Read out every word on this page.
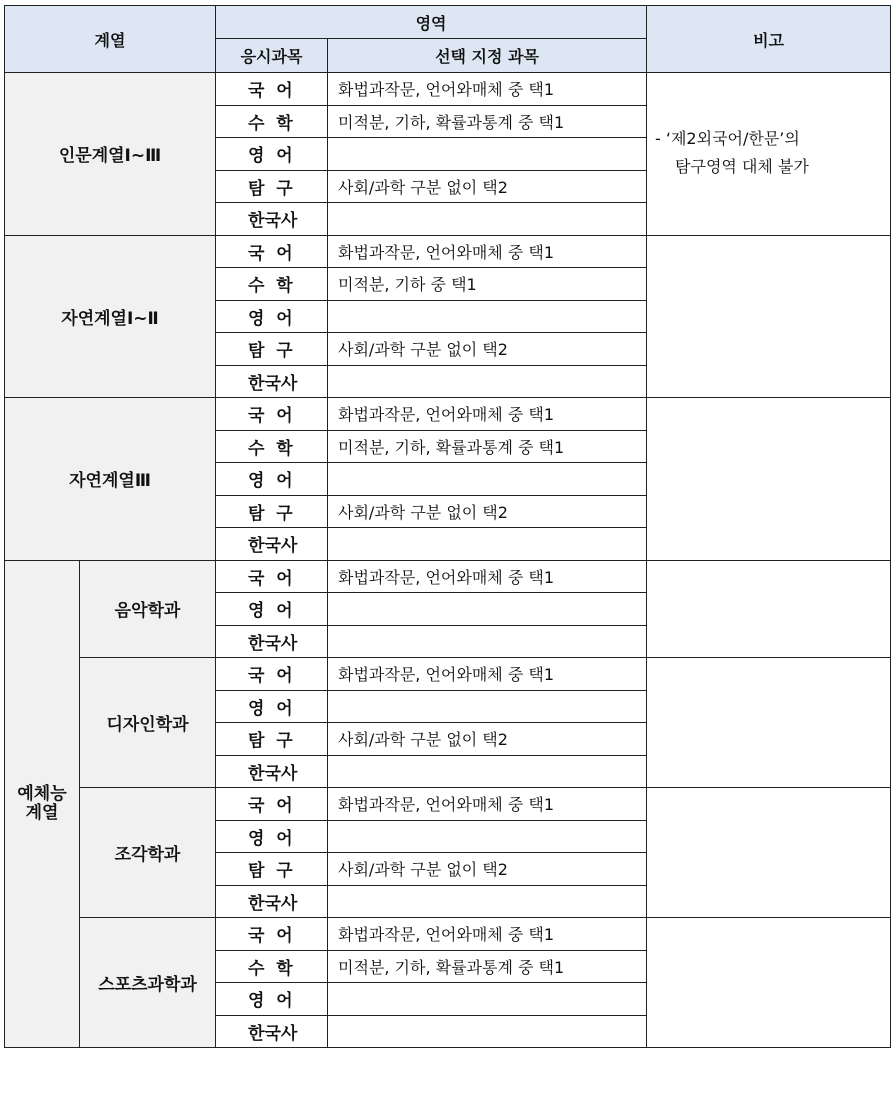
계열		영역		비고
		응시과목	선택 지정 과목	
인문계열Ⅰ~Ⅲ		국  어	화법과작문, 언어와매체 중 택1	- ‘제2외국어/한문’의
탐구영역 대체 불가

		수  학	미적분, 기하, 확률과통계 중 택1	
		영  어		
		탐  구	사회/과학 구분 없이 택2	
		한국사		
자연계열Ⅰ~Ⅱ		국  어	화법과작문, 언어와매체 중 택1	
		수  학	미적분, 기하 중 택1	
		영  어		
		탐  구	사회/과학 구분 없이 택2	
		한국사		
자연계열Ⅲ		국  어	화법과작문, 언어와매체 중 택1	
		수  학	미적분, 기하, 확률과통계 중 택1	
		영  어		
		탐  구	사회/과학 구분 없이 택2	
		한국사		

예체능
계열	음악학과	국  어	화법과작문, 언어와매체 중 택1	
		영  어		
		한국사		
	디자인학과	국  어	화법과작문, 언어와매체 중 택1	
		영  어		
		탐  구	사회/과학 구분 없이 택2	
		한국사		
	조각학과	국  어	화법과작문, 언어와매체 중 택1	
		영  어		
		탐  구	사회/과학 구분 없이 택2	
		한국사		
	스포츠과학과	국  어	화법과작문, 언어와매체 중 택1	
		수  학	미적분, 기하, 확률과통계 중 택1	
		영  어		
		한국사		
